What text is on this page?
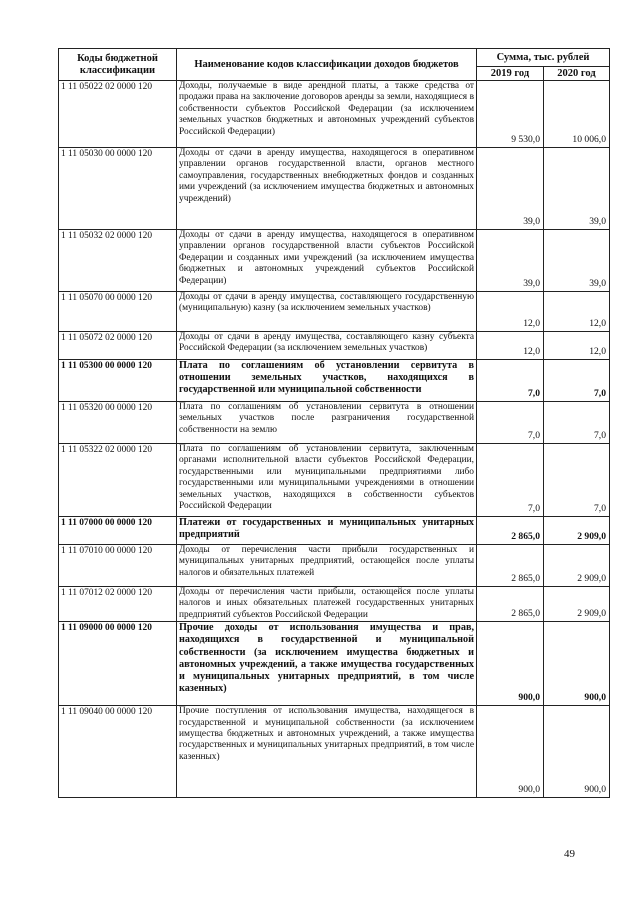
Коды бюджетной классификации	Наименование кодов классификации доходов бюджетов	Сумма, тыс. рублей	
		2019 год	2020 год
1 11 05022 02 0000 120	Доходы, получаемые в виде арендной платы, а также средства от продажи права на заключение договоров аренды за земли, находящиеся в собственности субъектов Российской Федерации (за исключением земельных участков бюджетных и автономных учреждений субъектов Российской Федерации)	9 530,0	10 006,0
1 11 05030 00 0000 120	Доходы от сдачи в аренду имущества, находящегося в оперативном управлении органов государственной власти, органов местного самоуправления, государственных внебюджетных фондов и созданных ими учреждений (за исключением имущества бюджетных и автономных учреждений)	39,0	39,0
1 11 05032 02 0000 120	Доходы от сдачи в аренду имущества, находящегося в оперативном управлении органов государственной власти субъектов Российской Федерации и созданных ими учреждений (за исключением имущества бюджетных и автономных учреждений субъектов Российской Федерации)	39,0	39,0
1 11 05070 00 0000 120	Доходы от сдачи в аренду имущества, составляющего государственную (муниципальную) казну (за исключением земельных участков)	12,0	12,0
1 11 05072 02 0000 120	Доходы от сдачи в аренду имущества, составляющего казну субъекта Российской Федерации (за исключением земельных участков)	12,0	12,0
1 11 05300 00 0000 120	Плата по соглашениям об установлении сервитута в отношении земельных участков, находящихся в государственной или муниципальной собственности	7,0	7,0
1 11 05320 00 0000 120	Плата по соглашениям об установлении сервитута в отношении земельных участков после разграничения государственной собственности на землю	7,0	7,0
1 11 05322 02 0000 120	Плата по соглашениям об установлении сервитута, заключенным органами исполнительной власти субъектов Российской Федерации, государственными или муниципальными предприятиями либо государственными или муниципальными учреждениями в отношении земельных участков, находящихся в собственности субъектов Российской Федерации	7,0	7,0
1 11 07000 00 0000 120	Платежи от государственных и муниципальных унитарных предприятий	2 865,0	2 909,0
1 11 07010 00 0000 120	Доходы от перечисления части прибыли государственных и муниципальных унитарных предприятий, остающейся после уплаты налогов и обязательных платежей	2 865,0	2 909,0
1 11 07012 02 0000 120	Доходы от перечисления части прибыли, остающейся после уплаты налогов и иных обязательных платежей государственных унитарных предприятий субъектов Российской Федерации	2 865,0	2 909,0
1 11 09000 00 0000 120	Прочие доходы от использования имущества и прав, находящихся в государственной и муниципальной собственности (за исключением имущества бюджетных и автономных учреждений, а также имущества государственных и муниципальных унитарных предприятий, в том числе казенных)	900,0	900,0
1 11 09040 00 0000 120	Прочие поступления от использования имущества, находящегося в государственной и муниципальной собственности (за исключением имущества бюджетных и автономных учреждений, а также имущества государственных и муниципальных унитарных предприятий, в том числе казенных)	900,0	900,0
49
